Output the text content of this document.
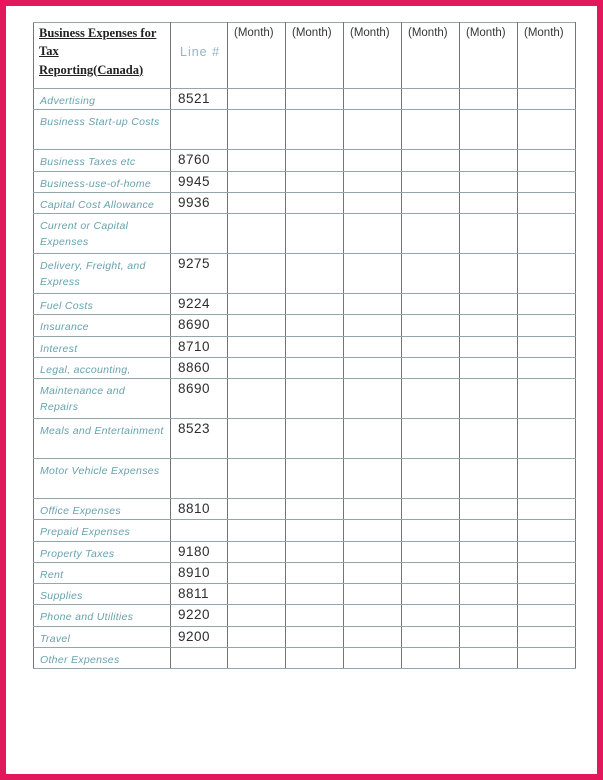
Business Expenses for Tax Reporting(Canada)	Line #	(Month)	(Month)	(Month)	(Month)	(Month)	(Month)
Advertising	8521						
Business Start-up Costs							
Business Taxes etc	8760						
Business-use-of-home	9945						
Capital Cost Allowance	9936						
Current or Capital Expenses							
Delivery, Freight, and Express	9275						
Fuel Costs	9224						
Insurance	8690						
Interest	8710						
Legal, accounting,	8860						
Maintenance and Repairs	8690						
Meals and Entertainment	8523						
Motor Vehicle Expenses							
Office Expenses	8810						
Prepaid Expenses							
Property Taxes	9180						
Rent	8910						
Supplies	8811						
Phone and Utilities	9220						
Travel	9200						
Other Expenses							
